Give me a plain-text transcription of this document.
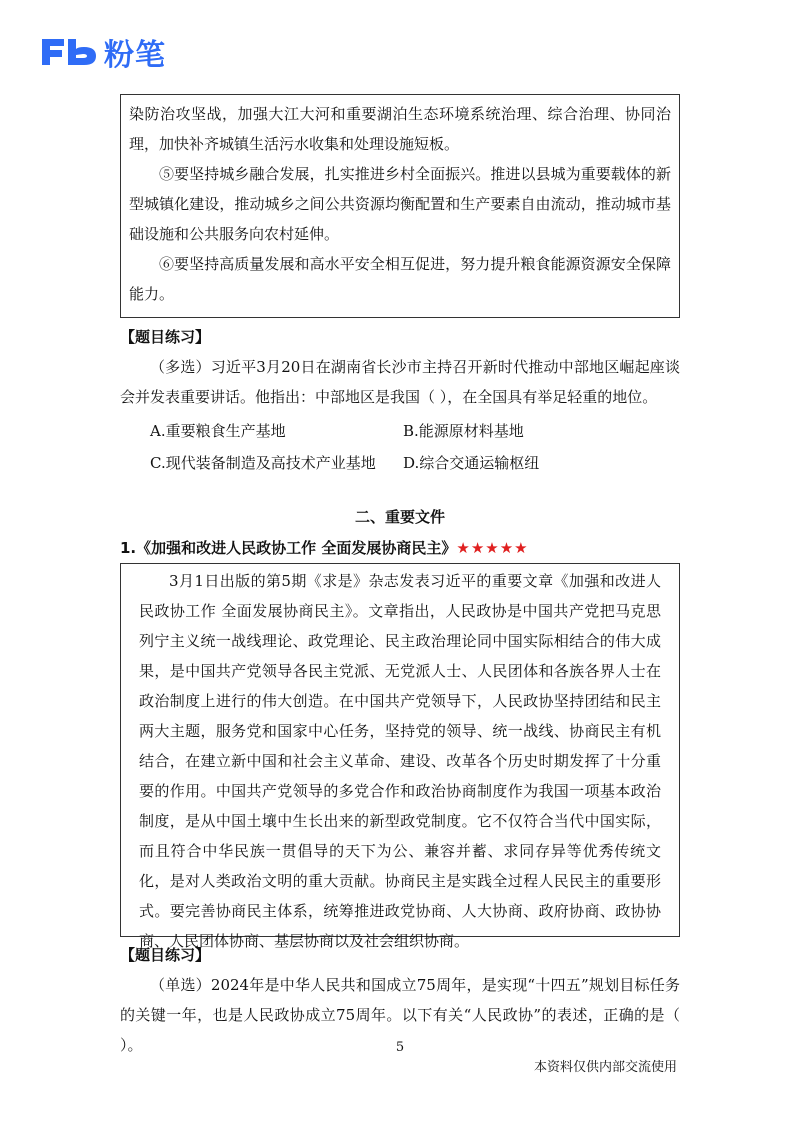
粉笔

染防治攻坚战，加强大江大河和重要湖泊生态环境系统治理、综合治理、协同治理，加快补齐城镇生活污水收集和处理设施短板。

⑤要坚持城乡融合发展，扎实推进乡村全面振兴。推进以县城为重要载体的新型城镇化建设，推动城乡之间公共资源均衡配置和生产要素自由流动，推动城市基础设施和公共服务向农村延伸。

⑥要坚持高质量发展和高水平安全相互促进，努力提升粮食能源资源安全保障能力。

【题目练习】

（多选）习近平3月20日在湖南省长沙市主持召开新时代推动中部地区崛起座谈会并发表重要讲话。他指出：中部地区是我国（ ），在全国具有举足轻重的地位。

A.重要粮食生产基地	B.能源原材料基地
C.现代装备制造及高技术产业基地 D.综合交通运输枢纽
二、重要文件
1.《加强和改进人民政协工作 全面发展协商民主》★★★★★

3月1日出版的第5期《求是》杂志发表习近平的重要文章《加强和改进人民政协工作 全面发展协商民主》。文章指出，人民政协是中国共产党把马克思列宁主义统一战线理论、政党理论、民主政治理论同中国实际相结合的伟大成果，是中国共产党领导各民主党派、无党派人士、人民团体和各族各界人士在政治制度上进行的伟大创造。在中国共产党领导下，人民政协坚持团结和民主两大主题，服务党和国家中心任务，坚持党的领导、统一战线、协商民主有机结合，在建立新中国和社会主义革命、建设、改革各个历史时期发挥了十分重要的作用。中国共产党领导的多党合作和政治协商制度作为我国一项基本政治制度，是从中国土壤中生长出来的新型政党制度。它不仅符合当代中国实际，而且符合中华民族一贯倡导的天下为公、兼容并蓄、求同存异等优秀传统文化，是对人类政治文明的重大贡献。协商民主是实践全过程人民民主的重要形式。要完善协商民主体系，统筹推进政党协商、人大协商、政府协商、政协协商、人民团体协商、基层协商以及社会组织协商。

【题目练习】

（单选）2024年是中华人民共和国成立75周年，是实现“十四五”规划目标任务的关键一年，也是人民政协成立75周年。以下有关“人民政协”的表述，正确的是（ ）。	5
本资料仅供内部交流使用
